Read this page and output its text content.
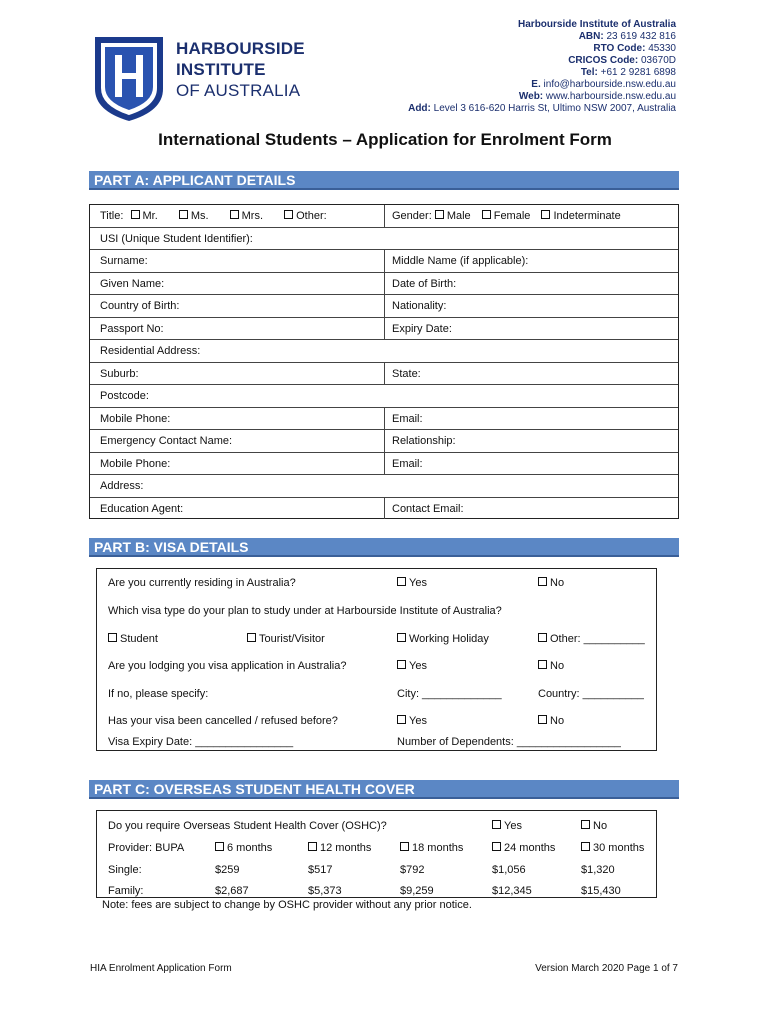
HARBOURSIDE
INSTITUTE
OF AUSTRALIA
Harbourside Institute of Australia
ABN: 23 619 432 816
RTO Code: 45330
CRICOS Code: 03670D
Tel: +61 2 9281 6898
E. info@harbourside.nsw.edu.au
Web: www.harbourside.nsw.edu.au
Add: Level 3 616-620 Harris St, Ultimo NSW 2007, Australia
International Students – Application for Enrolment Form
PART A: APPLICANT DETAILS
Title: Mr.	Ms.	Mrs.	Other:	Gender: Male Female Indeterminate
USI (Unique Student Identifier):
Surname:	Middle Name (if applicable):
Given Name:	Date of Birth:
Country of Birth:	Nationality:
Passport No:	Expiry Date:
Residential Address:
Suburb:	State:
Postcode:
Mobile Phone:	Email:
Emergency Contact Name:	Relationship:
Mobile Phone:	Email:
Address:
Education Agent:	Contact Email:
PART B: VISA DETAILS
Are you currently residing in Australia?	Yes	No
Which visa type do your plan to study under at Harbourside Institute of Australia?
Student	Tourist/Visitor	Working Holiday	Other: __________
Are you lodging you visa application in Australia?	Yes	No
If no, please specify:	City: _____________	Country: __________
Has your visa been cancelled / refused before?	Yes	No
Visa Expiry Date: ________________	Number of Dependents: _________________
PART C: OVERSEAS STUDENT HEALTH COVER
Do you require Overseas Student Health Cover (OSHC)?	Yes	No
Provider: BUPA	6 months	12 months	18 months	24 months	30 months
Single:	$259	$517	$792	$1,056	$1,320
Family:	$2,687	$5,373	$9,259	$12,345	$15,430
Note: fees are subject to change by OSHC provider without any prior notice.
HIA Enrolment Application Form	Version March 2020 Page 1 of 7
